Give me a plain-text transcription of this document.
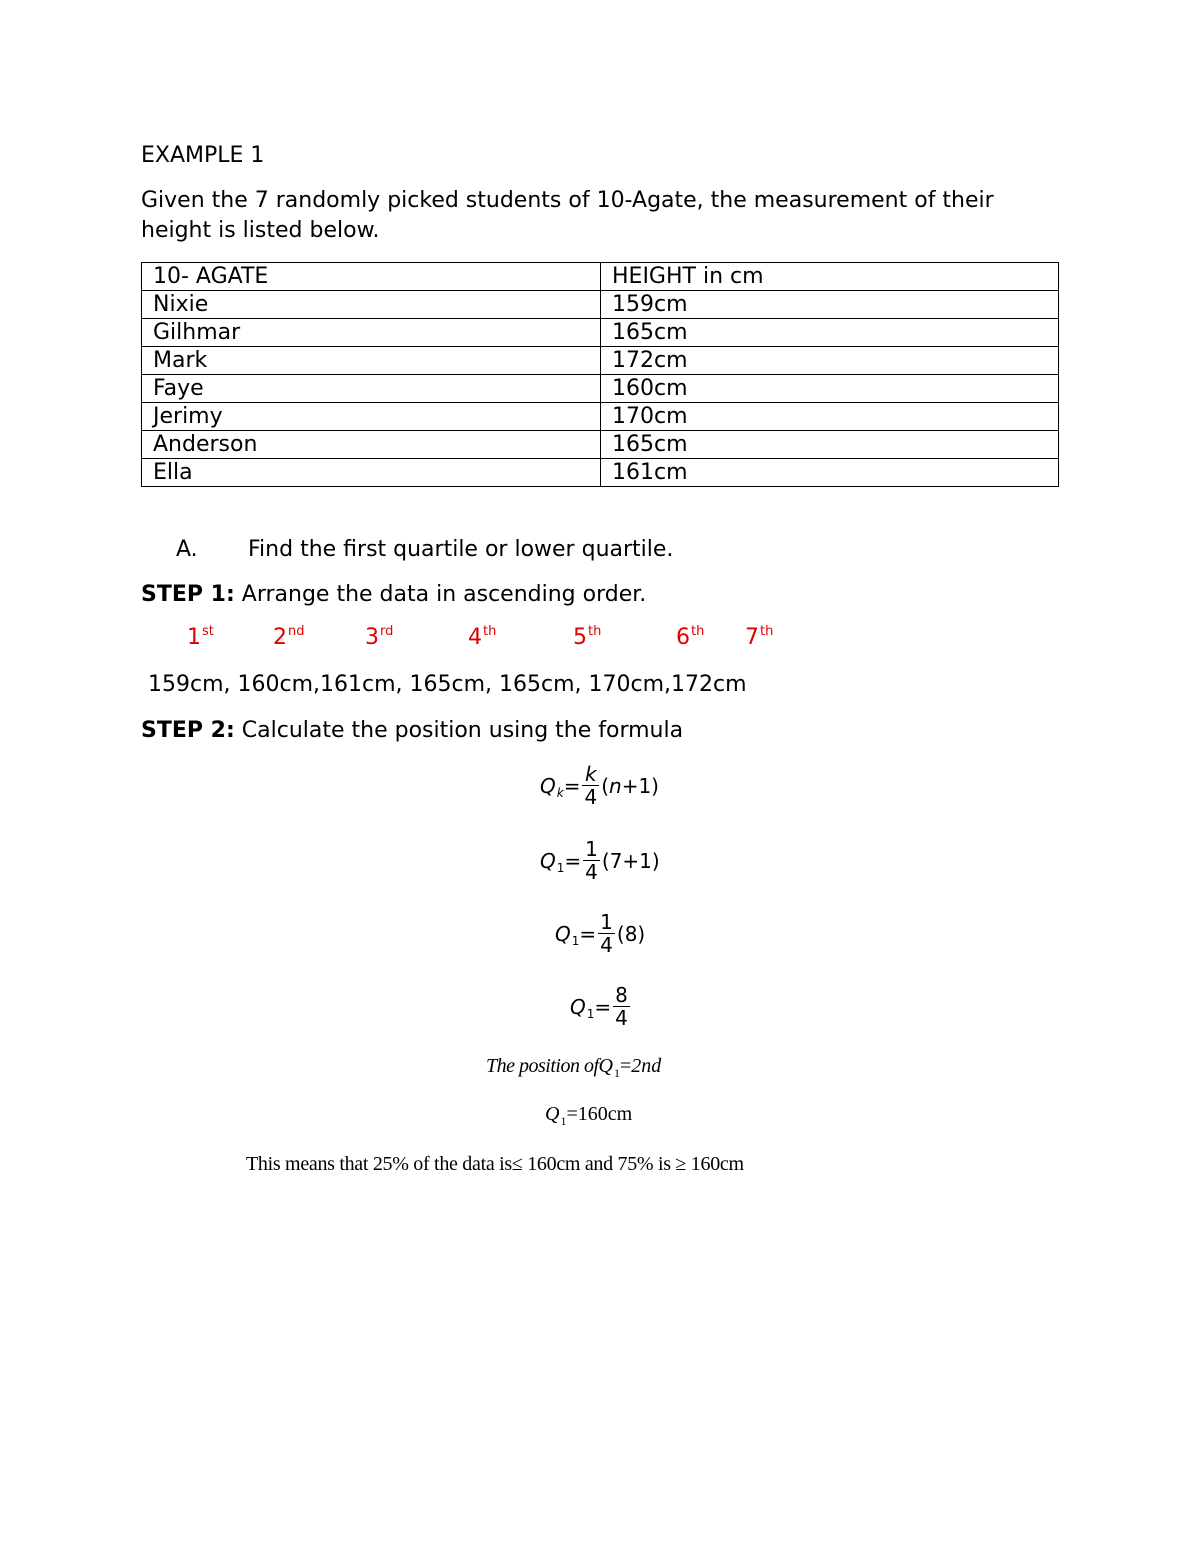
EXAMPLE 1
Given the 7 randomly picked students of 10-Agate, the measurement of their
height is listed below.
10- AGATE	HEIGHT in cm
Nixie	159cm
Gilhmar	165cm
Mark	172cm
Faye	160cm
Jerimy	170cm
Anderson	165cm
Ella	161cm
A. Find the first quartile or lower quartile.
STEP 1: Arrange the data in ascending order.
1st	2nd	3rd	4th	5th	6th 7th
159cm, 160cm,161cm, 165cm, 165cm, 170cm,172cm
STEP 2: Calculate the position using the formula
Q $k = \frac{k}{4}$ ( n +1)
Q $1 = \frac{1}{4} (7+1)$
Q $1 = \frac{1}{4} (8)$
Q $1 = \frac{8}{4}$
The position of Q 1 = 2nd
Q 1 = 160cm
This means that 25% of the data is≤ 160cm and 75% is ≥ 160cm
